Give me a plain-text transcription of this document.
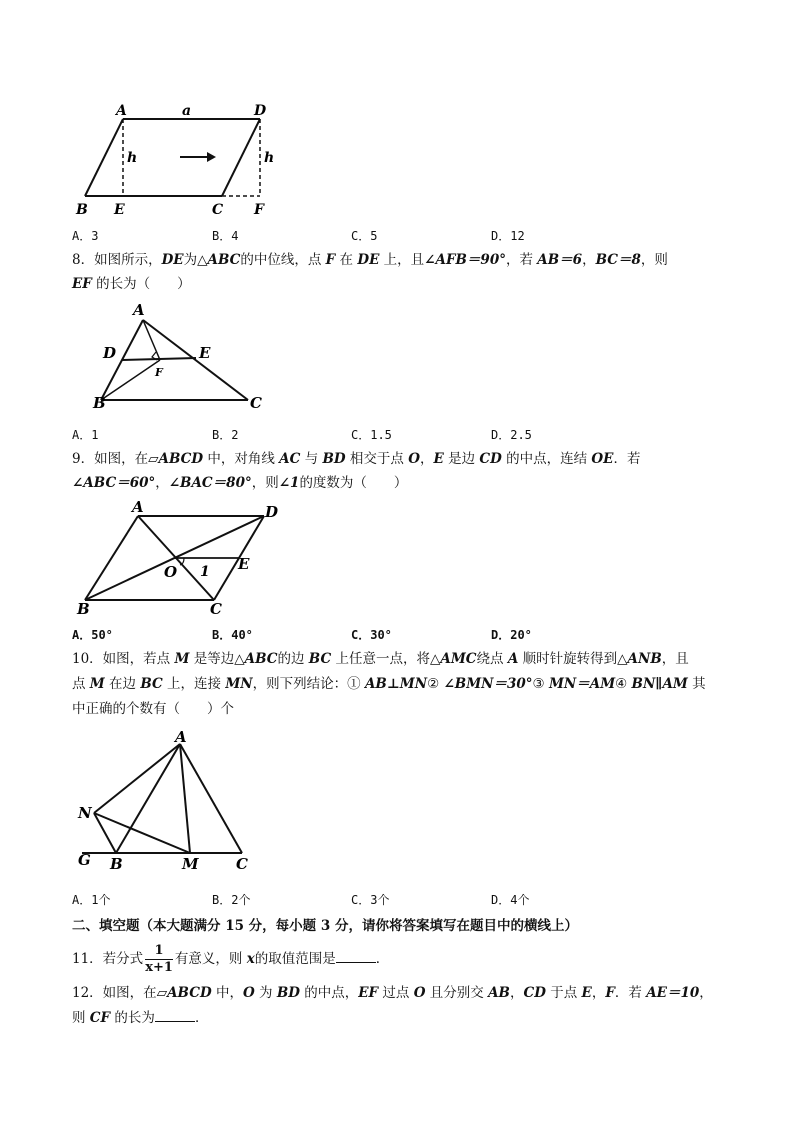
A	a	D
h	h
B E	C F
A．3	B．4	C．5	D．12
8．如图所示，DE为△ABC的中位线，点 F 在 DE 上，且∠AFB＝90°，若 AB＝6，BC＝8，则
EF 的长为（　　）
A
D	E
F
B	C
A．1	B．2	C．1.5	D．2.5
9．如图，在▱ABCD 中，对角线 AC 与 BD 相交于点 O，E 是边 CD 的中点，连结 OE．若
∠ABC＝60°，∠BAC＝80°，则∠1的度数为（　　）
A	D
O 1 E
B	C
A．50°	B．40°	C．30°	D．20°
10．如图，若点 M 是等边△ABC的边 BC 上任意一点，将△AMC绕点 A 顺时针旋转得到△ANB，且
点 M 在边 BC 上，连接 MN，则下列结论：① AB⊥MN② ∠BMN＝30°③ MN＝AM④ BN∥AM 其
中正确的个数有（　　）个
A
N
G B	M C
A．1个	B．2个	C．3个	D．4个
二、填空题（本大题满分 15 分，每小题 3 分，请你将答案填写在题目中的横线上）
11．若分式 $\frac{1}{x+1}$ 有意义，则 x的取值范围是	．
12．如图，在▱ABCD 中，O 为 BD 的中点，EF 过点 O 且分别交 AB，CD 于点 E，F．若 AE＝10，
则 CF 的长为	．
